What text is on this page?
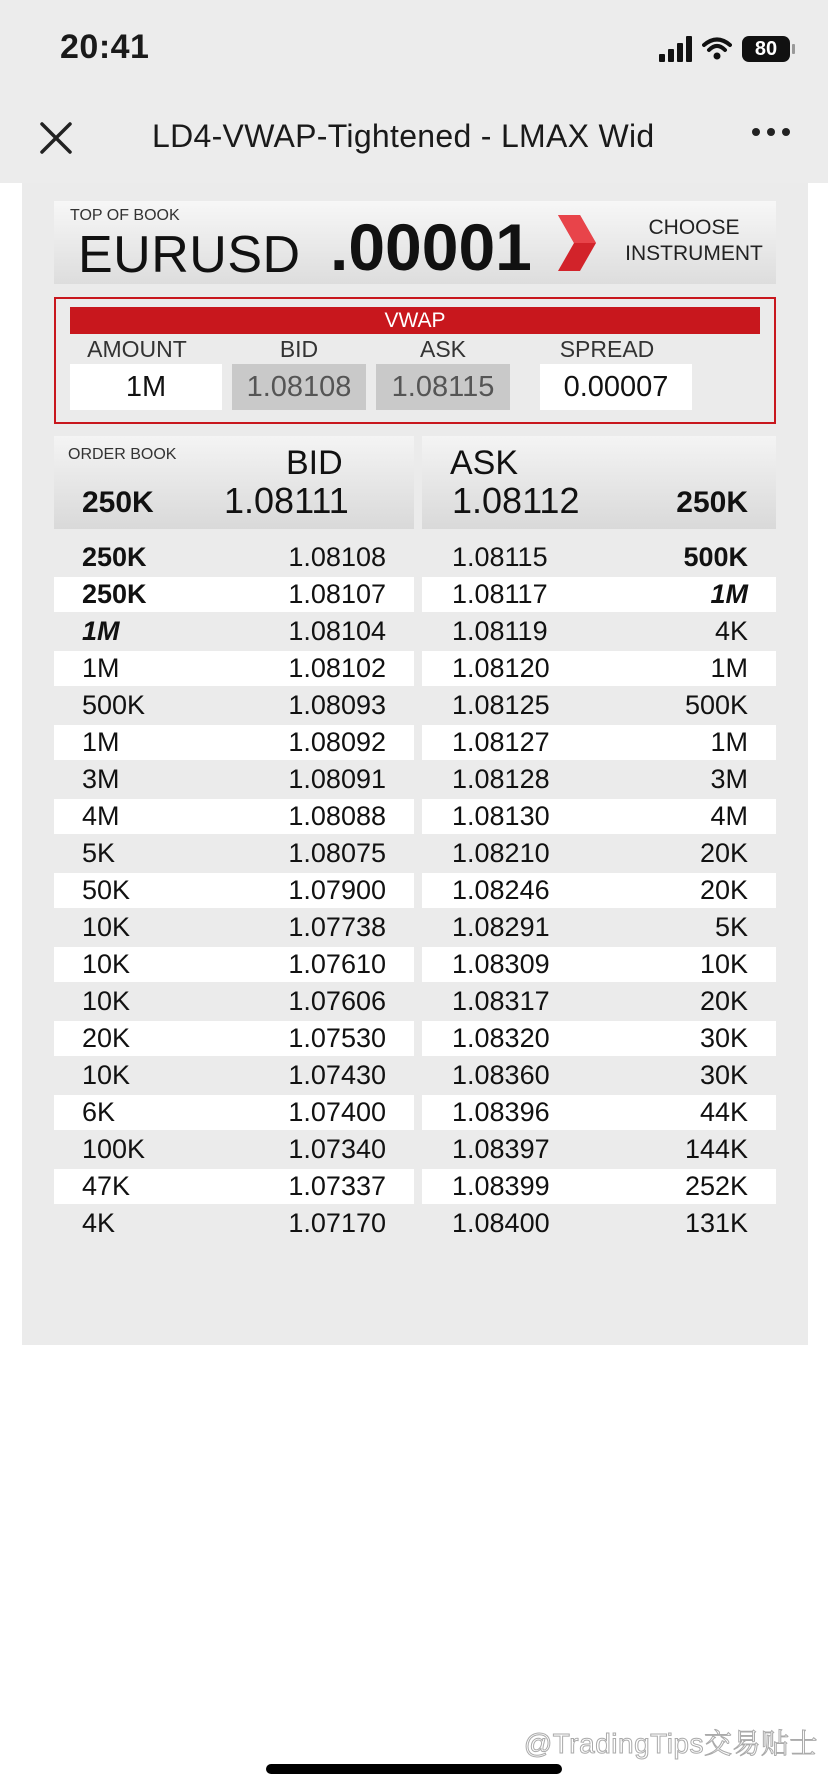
20:41	80
LD4-VWAP-Tightened - LMAX Wid
TOP OF BOOK
EURUSD .00001	CHOOSE
INSTRUMENT
VWAP
AMOUNT	BID	ASK	SPREAD
1M	1.08108	1.08115	0.00007
ORDER BOOK	BID
250K 1.08111
ASK
1.08112	250K
250K	1.08108 1.08115	500K
250K	1.08107 1.08117	1M
1M	1.08104 1.08119	4K
1M	1.08102 1.08120	1M
500K	1.08093 1.08125	500K
1M	1.08092 1.08127	1M
3M	1.08091 1.08128	3M
4M	1.08088 1.08130	4M
5K	1.08075 1.08210	20K
50K	1.07900 1.08246	20K
10K	1.07738 1.08291	5K
10K	1.07610 1.08309	10K
10K	1.07606 1.08317	20K
20K	1.07530 1.08320	30K
10K	1.07430 1.08360	30K
6K	1.07400 1.08396	44K
100K	1.07340 1.08397	144K
47K	1.07337 1.08399	252K
4K	1.07170 1.08400	131K
@TradingTips交易贴士
